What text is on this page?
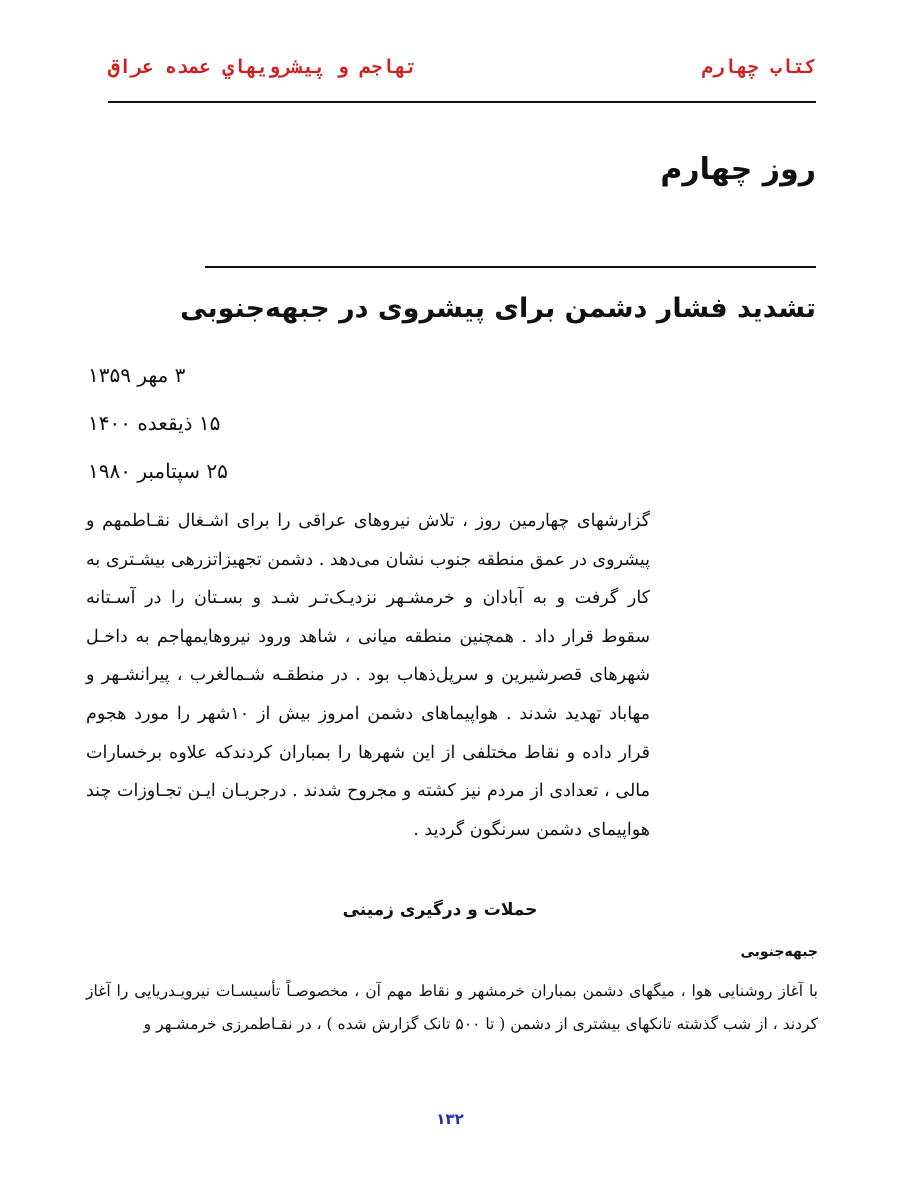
كتاب چهارم
تهاجم و پيشرويهاي عمده عراق
روز چهارم
تشدید فشار دشمن برای پیشروی در جبهه‌جنوبی
۳ مهر ۱۳۵۹
۱۵ ذیقعده ۱۴۰۰
۲۵ سپتامبر ۱۹۸۰
گزارشهای چهارمین روز ، تلاش نیروهای عراقی را برای اشـغال نقـاطمهم و پیشروی در عمق منطقه جنوب نشان می‌دهد . دشمن تجهیزاتزرهی بیشـتری به کار گرفت و به آبادان و خرمشـهر نزدیـک‌تـر شـد و بسـتان را در آسـتانه سقوط قرار داد . همچنین منطقه میانی ، شاهد ورود نیروهایمهاجم به داخـل شهرهای قصرشیرین و سرپل‌ذهاب بود . در منطقـه شـمالغرب ، پیرانشـهر و مهاباد تهدید شدند . هواپیماهای دشمن امروز بیش از ۱۰شهر را مورد هجوم قرار داده و نقاط مختلفی از این شهرها را بمباران کردندکه علاوه برخسارات مالی ، تعدادی از مردم نیز کشته و مجروح شدند . درجریـان ایـن تجـاوزات چند هواپیمای دشمن سرنگون گردید .
حملات و درگیری زمینی
جبهه‌جنوبی
با آغاز روشنایی هوا ، میگهای دشمن بمباران خرمشهر و نقاط مهم آن ، مخصوصـاً تأسیسـات نیرویـدریایی را آغاز کردند ، از شب گذشته تانکهای بیشتری از دشمن ( تا ۵۰۰ تانک گزارش شده ) ، در نقـاطمرزی خرمشـهر و
۱۳۲
